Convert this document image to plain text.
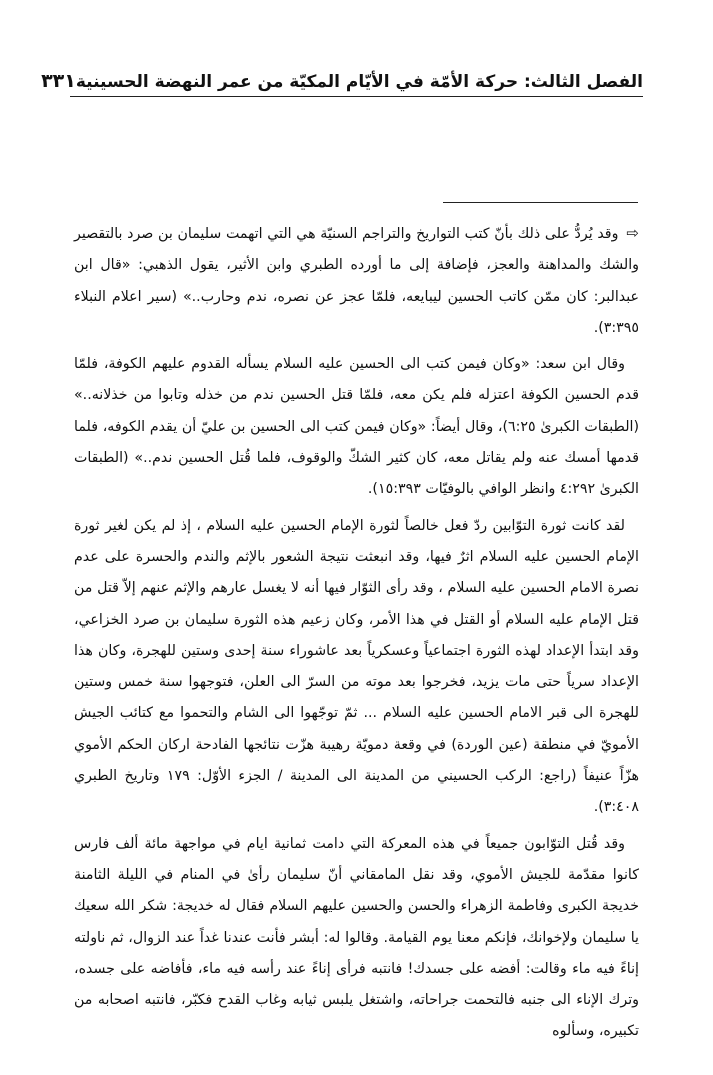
الفصل الثالث: حركة الأمّة في الأيّام المكيّة من عمر النهضة الحسينية
٣٣١

⇨وقد يُردُّ على ذلك بأنّ كتب التواريخ والتراجم السنيّة هي التي اتهمت سليمان بن صرد بالتقصير والشك والمداهنة والعجز، فإضافة إلى ما أورده الطبري وابن الأثير، يقول الذهبي: «قال ابن عبدالبر: كان ممّن كاتب الحسين ليبايعه، فلمّا عجز عن نصره، ندم وحارب..» (سير اعلام النبلاء ٣:٣٩٥).

وقال ابن سعد: «وكان فيمن كتب الى الحسين عليه السلام يسأله القدوم عليهم الكوفة، فلمّا قدم الحسين الكوفة اعتزله فلم يكن معه، فلمّا قتل الحسين ندم من خذله وتابوا من خذلانه..» (الطبقات الكبرىٰ ٦:٢٥)، وقال أيضاً: «وكان فيمن كتب الى الحسين بن عليّ أن يقدم الكوفه، فلما قدمها أمسك عنه ولم يقاتل معه، كان كثير الشكّ والوقوف، فلما قُتل الحسين ندم..» (الطبقات الكبرىٰ ٤:٢٩٢ وانظر الوافي بالوفيّات ١٥:٣٩٣).

لقد كانت ثورة التوّابين ردّ فعل خالصاً لثورة الإمام الحسين عليه السلام ، إذ لم يكن لغير ثورة الإمام الحسين عليه السلام اثرٌ فيها، وقد انبعثت نتيجة الشعور بالإثم والندم والحسرة على عدم نصرة الامام الحسين عليه السلام ، وقد رأى الثوّار فيها أنه لا يغسل عارهم والإثم عنهم إلاّ قتل من قتل الإمام عليه السلام أو القتل في هذا الأمر، وكان زعيم هذه الثورة سليمان بن صرد الخزاعي، وقد ابتدأ الإعداد لهذه الثورة اجتماعياً وعسكرياً بعد عاشوراء سنة إحدى وستين للهجرة، وكان هذا الإعداد سرياً حتى مات يزيد، فخرجوا بعد موته من السرّ الى العلن، فتوجهوا سنة خمس وستين للهجرة الى قبر الامام الحسين عليه السلام ... ثمّ توجّهوا الى الشام والتحموا مع كتائب الجيش الأمويّ في منطقة (عين الوردة) في وقعة دمويّة رهيبة هزّت نتائجها الفادحة اركان الحكم الأموي هزّاً عنيفاً (راجع: الركب الحسيني من المدينة الى المدينة / الجزء الأوّل: ١٧٩ وتاريخ الطبري ٣:٤٠٨).

وقد قُتل التوّابون جميعاً في هذه المعركة التي دامت ثمانية ايام في مواجهة مائة ألف فارس كانوا مقدّمة للجيش الأموي، وقد نقل المامقاني أنّ سليمان رأىٰ في المنام في الليلة الثامنة خديجة الكبرى وفاطمة الزهراء والحسن والحسين عليهم السلام فقال له خديجة: شكر الله سعيك يا سليمان ولإخوانك، فإنكم معنا يوم القيامة. وقالوا له: أبشر فأنت عندنا غداً عند الزوال، ثم ناولته إناءً فيه ماء وقالت: أفضه على جسدك! فانتبه فرأى إناءً عند رأسه فيه ماء، فأفاضه على جسده، وترك الإناء الى جنبه فالتحمت جراحاته، واشتغل يلبس ثيابه وغاب القدح فكبّر، فانتبه اصحابه من تكبيره، وسألوه
